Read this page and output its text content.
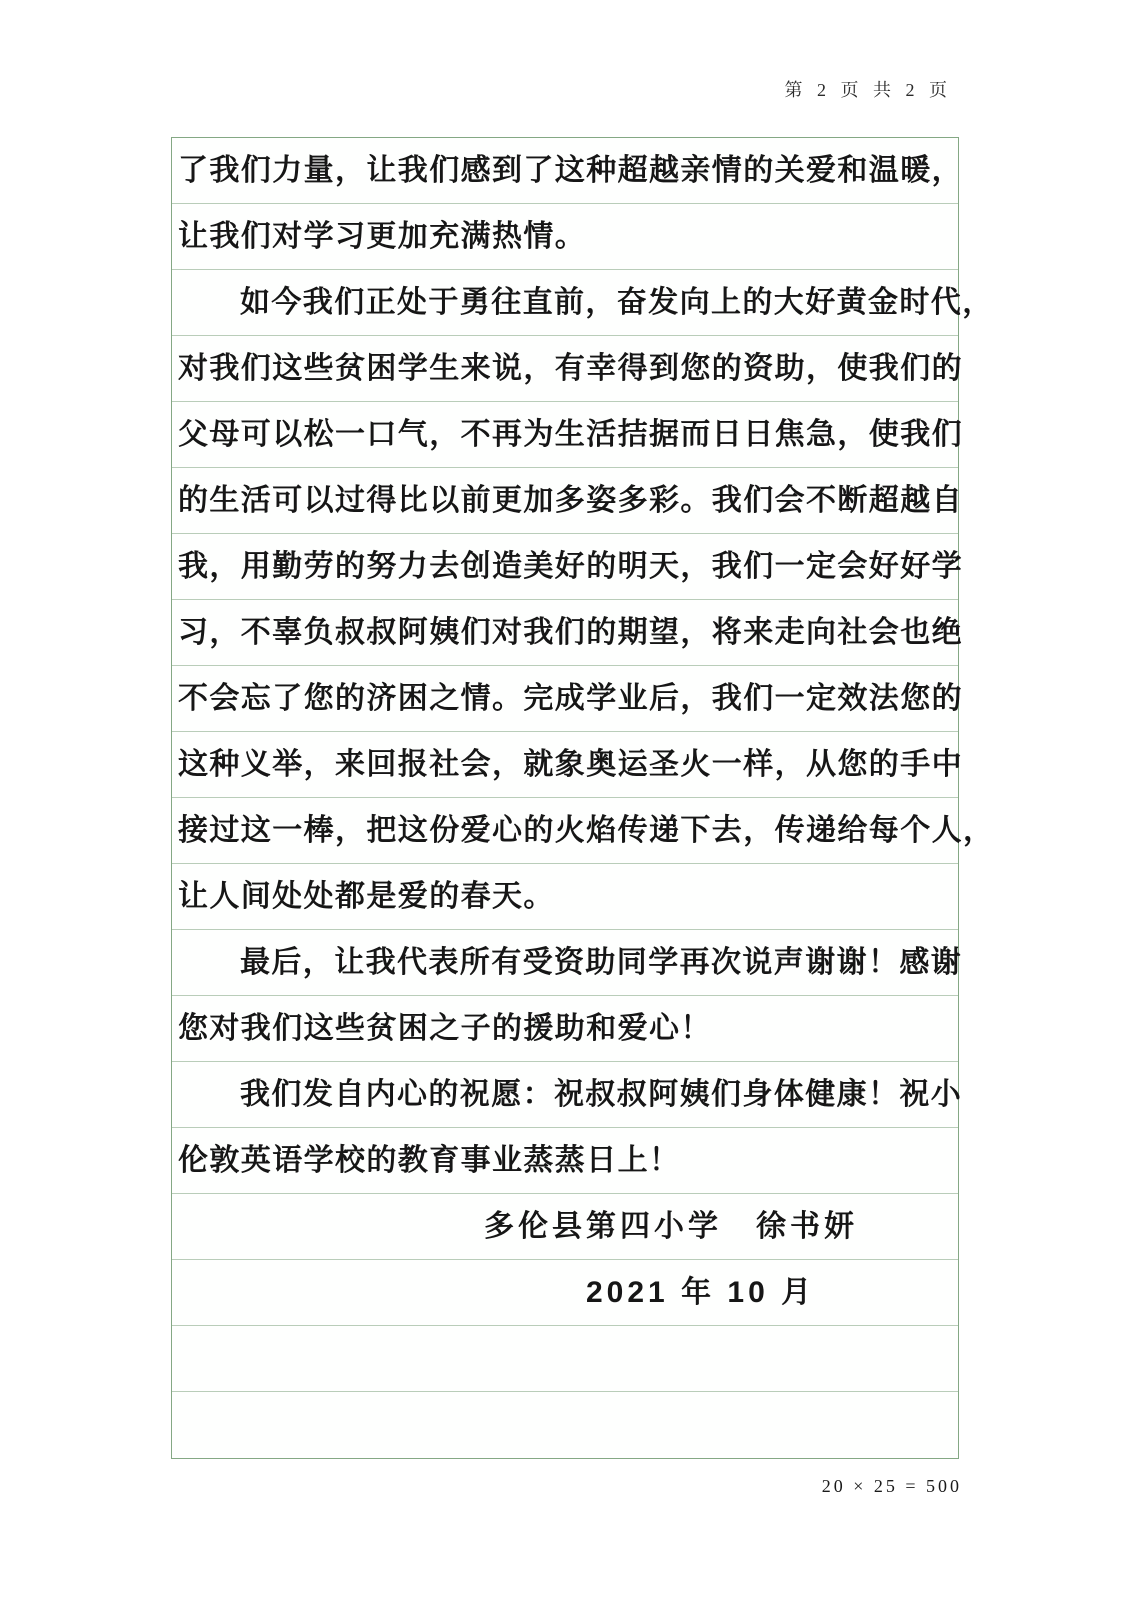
第 2 页 共 2 页
了我们力量，让我们感到了这种超越亲情的关爱和温暖，
让我们对学习更加充满热情。
如今我们正处于勇往直前，奋发向上的大好黄金时代，
对我们这些贫困学生来说，有幸得到您的资助，使我们的
父母可以松一口气，不再为生活拮据而日日焦急，使我们
的生活可以过得比以前更加多姿多彩。我们会不断超越自
我，用勤劳的努力去创造美好的明天，我们一定会好好学
习，不辜负叔叔阿姨们对我们的期望，将来走向社会也绝
不会忘了您的济困之情。完成学业后，我们一定效法您的
这种义举，来回报社会，就象奥运圣火一样，从您的手中
接过这一棒，把这份爱心的火焰传递下去，传递给每个人，
让人间处处都是爱的春天。
最后，让我代表所有受资助同学再次说声谢谢！感谢
您对我们这些贫困之子的援助和爱心！
我们发自内心的祝愿：祝叔叔阿姨们身体健康！祝小
伦敦英语学校的教育事业蒸蒸日上！
多伦县第四小学　徐书妍
2021 年 10 月
20 × 25 = 500
